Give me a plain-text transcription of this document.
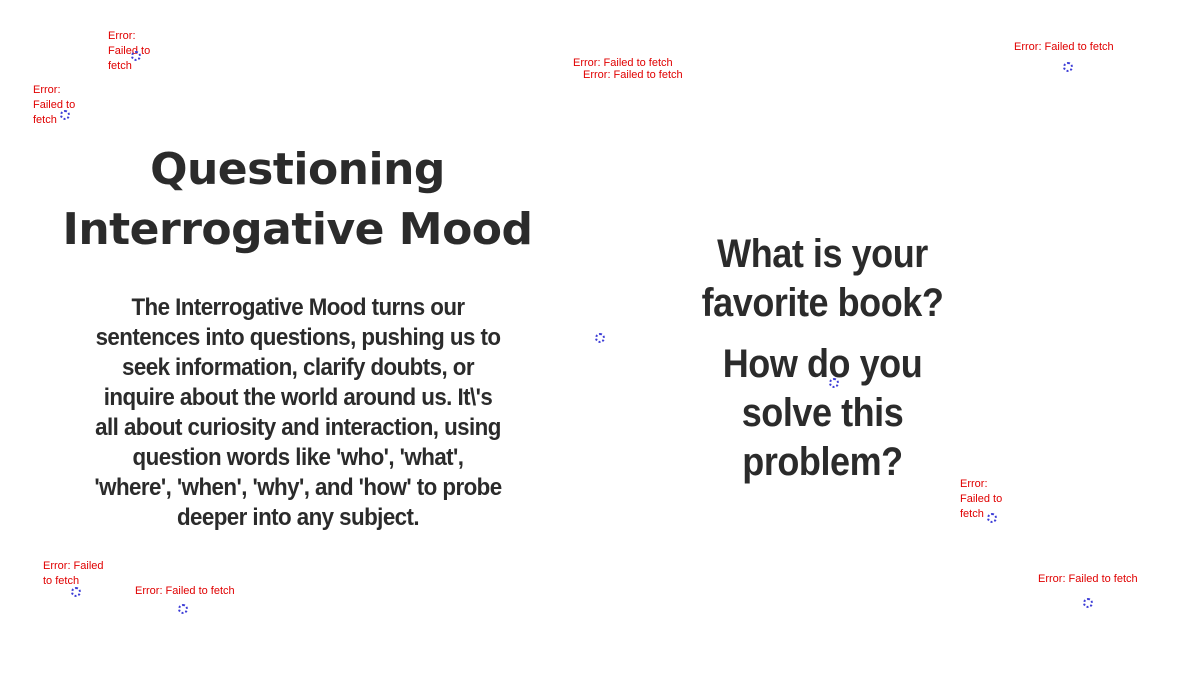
Questioning Interrogative Mood

The Interrogative Mood turns our sentences into questions, pushing us to seek information, clarify doubts, or inquire about the world around us. It\'s all about curiosity and interaction, using question words like 'who', 'what', 'where', 'when', 'why', and 'how' to probe deeper into any subject.

What is your favorite book?

How do you solve this problem?

Error: Failed to fetch
Error: Failed to fetch
Error: Failed to fetch
Error: Failed to fetch
Error: Failed to fetch
Error: Failed to fetch
Error: Failed to fetch
Error: Failed to fetch
Error: Failed to fetch
